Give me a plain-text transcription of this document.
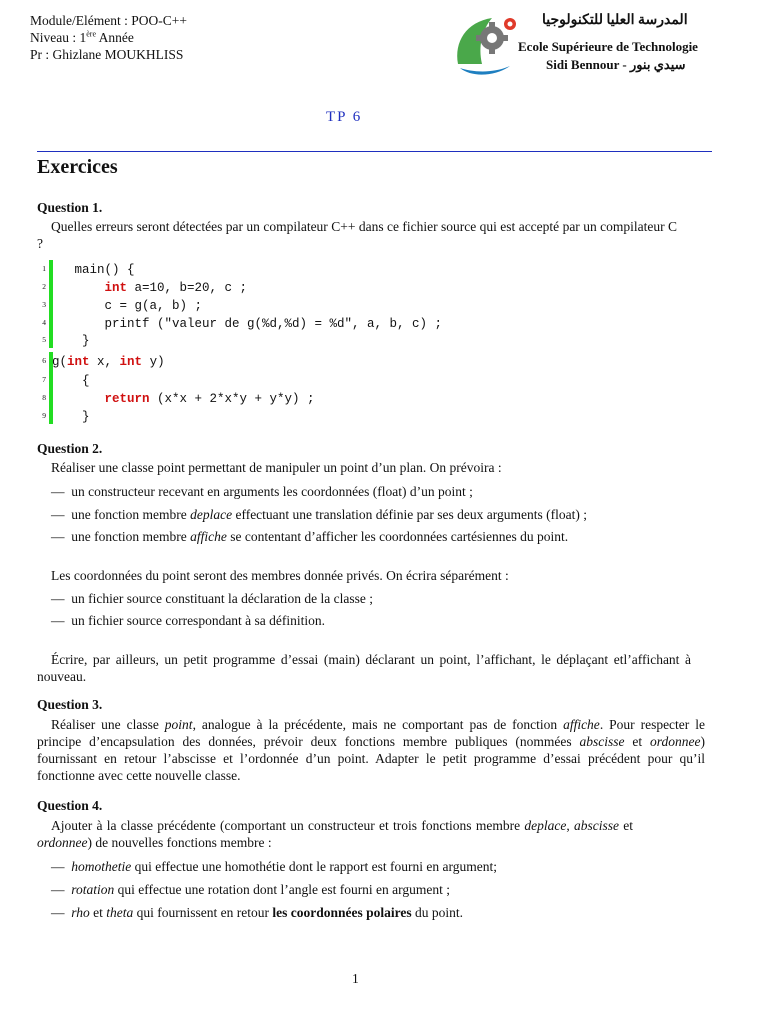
Module/Elément : POO-C++
Niveau : 1ère Année
Pr : Ghizlane MOUKHLISS
المدرسة العليا للتكنولوجيا
Ecole Supérieure de Technologie
Sidi Bennour - سيدي بنور
TP 6
Exercices
Question 1.
Quelles erreurs seront détectées par un compilateur C++ dans ce fichier source qui est accepté par un compilateur C ?
1 main() {
2	int a=10, b=20, c ;
3 c = g(a, b) ;
4 printf ("valeur de g(%d,%d) = %d", a, b, c) ;
5 }
6 g(int x, int y)
7 {
8	return (x*x + 2*x*y + y*y) ;
9 }
Question 2.
Réaliser une classe point permettant de manipuler un point d’un plan. On prévoira :
— un constructeur recevant en arguments les coordonnées (float) d’un point ;
— une fonction membre deplace effectuant une translation définie par ses deux arguments (float) ;
— une fonction membre affiche se contentant d’afficher les coordonnées cartésiennes du point.
Les coordonnées du point seront des membres donnée privés. On écrira séparément :
— un fichier source constituant la déclaration de la classe ;
— un fichier source correspondant à sa définition.
Écrire, par ailleurs, un petit programme d’essai (main) déclarant un point, l’affichant, le déplaçant etl’affichant à nouveau.
Question 3.
Réaliser une classe point, analogue à la précédente, mais ne comportant pas de fonction affiche. Pour respecter le principe d’encapsulation des données, prévoir deux fonctions membre publiques (nommées abscisse et ordonnee) fournissant en retour l’abscisse et l’ordonnée d’un point. Adapter le petit programme d’essai précédent pour qu’il fonctionne avec cette nouvelle classe.
Question 4.
Ajouter à la classe précédente (comportant un constructeur et trois fonctions membre deplace, abscisse et ordonnee) de nouvelles fonctions membre :
— homothetie qui effectue une homothétie dont le rapport est fourni en argument;
— rotation qui effectue une rotation dont l’angle est fourni en argument ;
— rho et theta qui fournissent en retour les coordonnées polaires du point.
1
